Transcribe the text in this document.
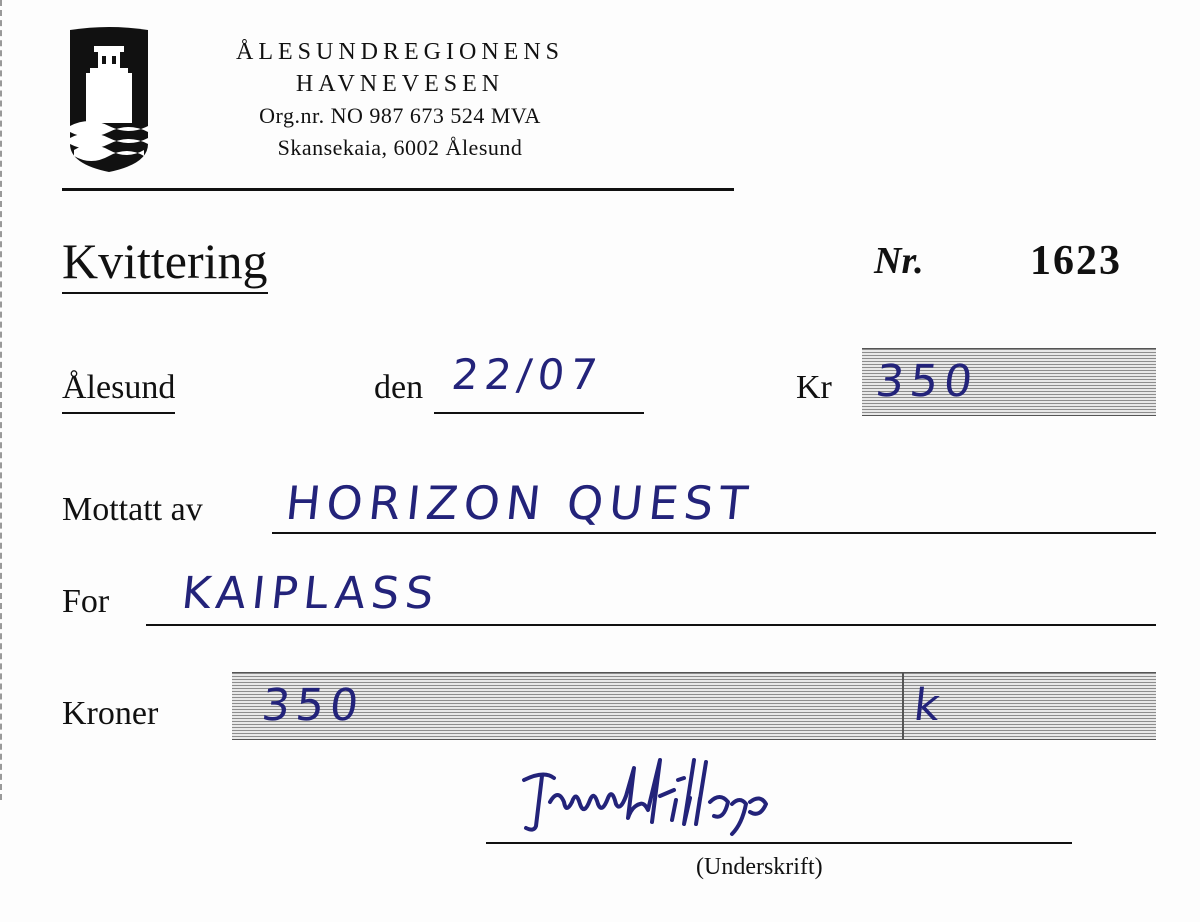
ÅLESUNDREGIONENS
HAVNEVESEN
Org.nr. NO 987 673 524 MVA
Skansekaia, 6002 Ålesund
Kvittering	Nr.	1623
Ålesund	den 22/07	Kr 350
Mottatt av HORIZON QUEST
For KAIPLASS
Kroner 350	k
(Underskrift)
